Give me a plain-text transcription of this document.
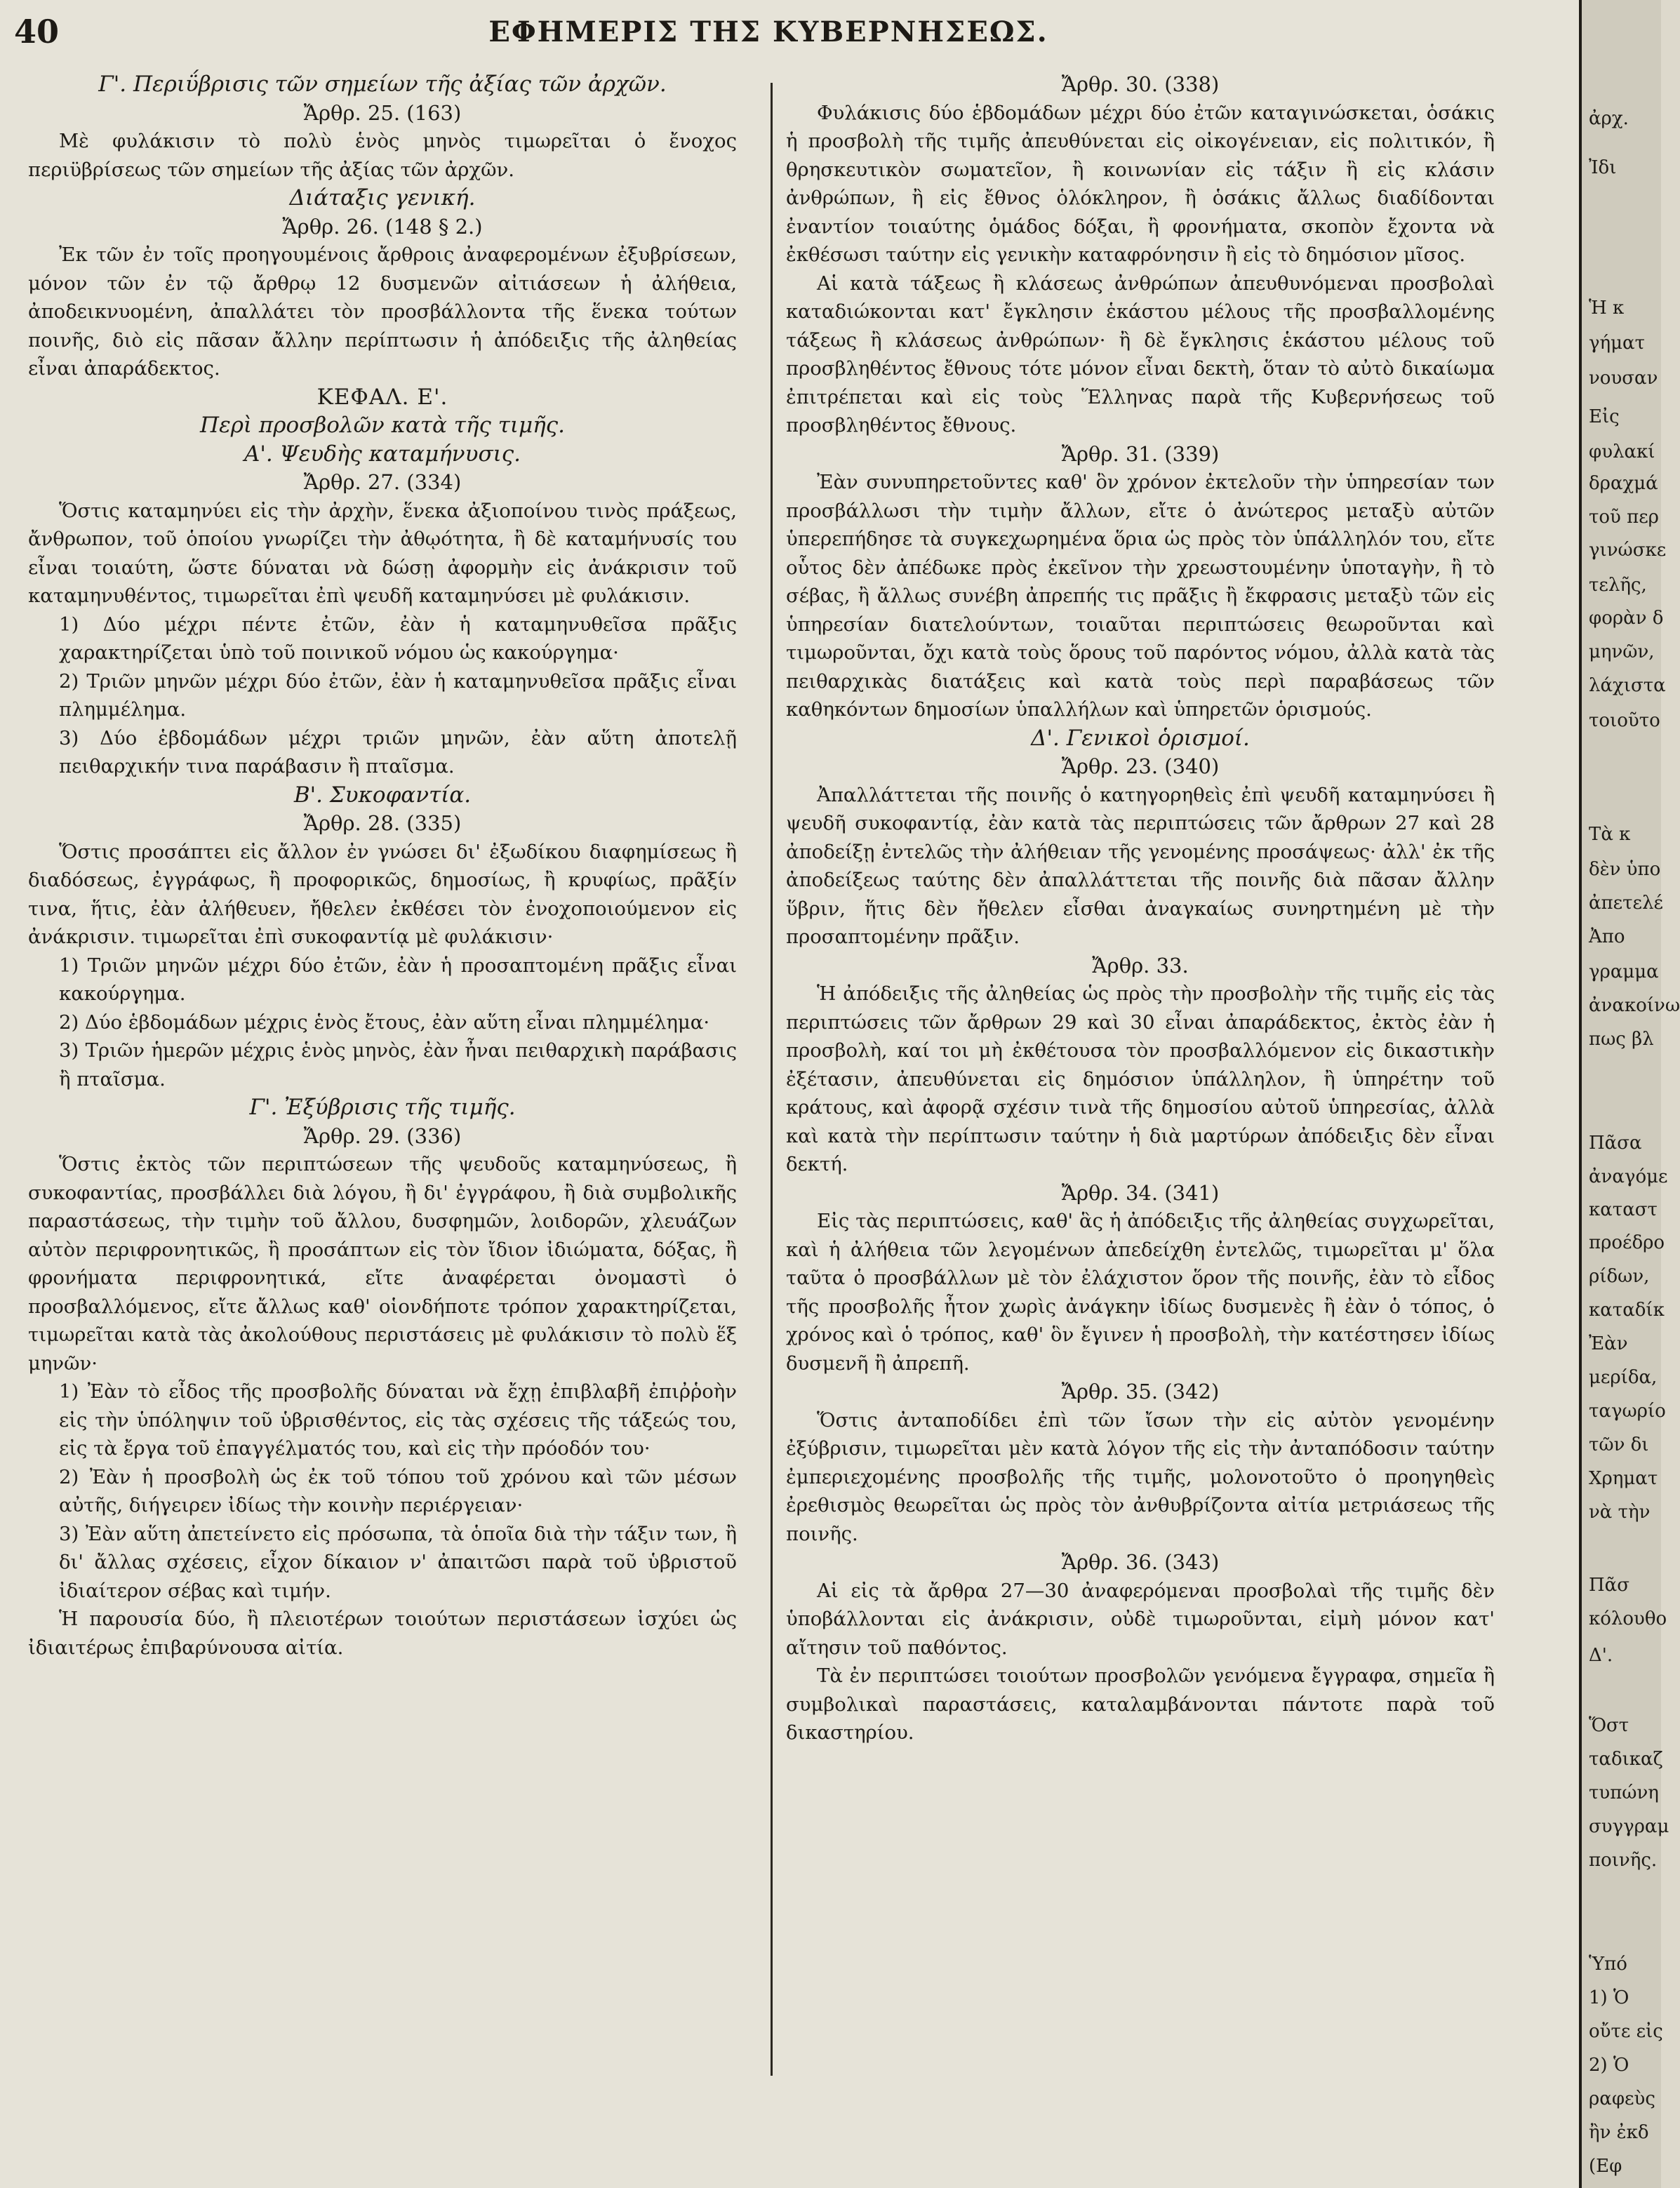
40	ΕΦΗΜΕΡΙΣ ΤΗΣ ΚΥΒΕΡΝΗΣΕΩΣ.

Γ'. Περιΰβρισις τῶν σημείων τῆς ἀξίας τῶν ἀρχῶν.

Ἄρθρ. 25. (163)

Μὲ φυλάκισιν τὸ πολὺ ἑνὸς μηνὸς τιμωρεῖται ὁ ἔνοχος περιϋβρίσεως τῶν σημείων τῆς ἀξίας τῶν ἀρχῶν.

Διάταξις γενική.

Ἄρθρ. 26. (148 § 2.)

Ἐκ τῶν ἐν τοῖς προηγουμένοις ἄρθροις ἀναφερομένων ἐξυβρίσεων, μόνον τῶν ἐν τῷ ἄρθρῳ 12 δυσμενῶν αἰτιάσεων ἡ ἀλήθεια, ἀποδεικνυομένη, ἀπαλλάτει τὸν προσβάλλοντα τῆς ἕνεκα τούτων ποινῆς, διὸ εἰς πᾶσαν ἄλλην περίπτωσιν ἡ ἀπόδειξις τῆς ἀληθείας εἶναι ἀπαράδεκτος.

ΚΕΦΑΛ. Ε'.

Περὶ προσβολῶν κατὰ τῆς τιμῆς.

Α'. Ψευδὴς καταμήνυσις.

Ἄρθρ. 27. (334)

Ὅστις καταμηνύει εἰς τὴν ἀρχὴν, ἕνεκα ἀξιοποίνου τινὸς πράξεως, ἄνθρωπον, τοῦ ὁποίου γνωρίζει τὴν ἀθῳότητα, ἢ δὲ καταμήνυσίς του εἶναι τοιαύτη, ὥστε δύναται νὰ δώσῃ ἀφορμὴν εἰς ἀνάκρισιν τοῦ καταμηνυθέντος, τιμωρεῖται ἐπὶ ψευδῆ καταμηνύσει μὲ φυλάκισιν.

1) Δύο μέχρι πέντε ἐτῶν, ἐὰν ἡ καταμηνυθεῖσα πρᾶξις χαρακτηρίζεται ὑπὸ τοῦ ποινικοῦ νόμου ὡς κακούργημα·

2) Τριῶν μηνῶν μέχρι δύο ἐτῶν, ἐὰν ἡ καταμηνυθεῖσα πρᾶξις εἶναι πλημμέλημα.

3) Δύο ἑβδομάδων μέχρι τριῶν μηνῶν, ἐὰν αὕτη ἀποτελῇ πειθαρχικήν τινα παράβασιν ἢ πταῖσμα.

Β'. Συκοφαντία.

Ἄρθρ. 28. (335)

Ὅστις προσάπτει εἰς ἄλλον ἐν γνώσει δι' ἐξωδίκου διαφημίσεως ἢ διαδόσεως, ἐγγράφως, ἢ προφορικῶς, δημοσίως, ἢ κρυφίως, πρᾶξίν τινα, ἥτις, ἐὰν ἀλήθευεν, ἤθελεν ἐκθέσει τὸν ἐνοχοποιούμενον εἰς ἀνάκρισιν. τιμωρεῖται ἐπὶ συκοφαντίᾳ μὲ φυλάκισιν·

1) Τριῶν μηνῶν μέχρι δύο ἐτῶν, ἐὰν ἡ προσαπτομένη πρᾶξις εἶναι κακούργημα.

2) Δύο ἑβδομάδων μέχρις ἑνὸς ἔτους, ἐὰν αὕτη εἶναι πλημμέλημα·

3) Τριῶν ἡμερῶν μέχρις ἑνὸς μηνὸς, ἐὰν ἦναι πειθαρχικὴ παράβασις ἢ πταῖσμα.

Γ'. Ἐξύβρισις τῆς τιμῆς.

Ἄρθρ. 29. (336)

Ὅστις ἐκτὸς τῶν περιπτώσεων τῆς ψευδοῦς καταμηνύσεως, ἢ συκοφαντίας, προσβάλλει διὰ λόγου, ἢ δι' ἐγγράφου, ἢ διὰ συμβολικῆς παραστάσεως, τὴν τιμὴν τοῦ ἄλλου, δυσφημῶν, λοιδορῶν, χλευάζων αὐτὸν περιφρονητικῶς, ἢ προσάπτων εἰς τὸν ἴδιον ἰδιώματα, δόξας, ἢ φρονήματα περιφρονητικά, εἴτε ἀναφέρεται ὀνομαστὶ ὁ προσβαλλόμενος, εἴτε ἄλλως καθ' οἱονδήποτε τρόπον χαρακτηρίζεται, τιμωρεῖται κατὰ τὰς ἀκολούθους περιστάσεις μὲ φυλάκισιν τὸ πολὺ ἕξ μηνῶν·

1) Ἐὰν τὸ εἶδος τῆς προσβολῆς δύναται νὰ ἔχῃ ἐπιβλαβῆ ἐπιῤῥοὴν εἰς τὴν ὑπόληψιν τοῦ ὑβρισθέντος, εἰς τὰς σχέσεις τῆς τάξεώς του, εἰς τὰ ἔργα τοῦ ἐπαγγέλματός του, καὶ εἰς τὴν πρόοδόν του·

2) Ἐὰν ἡ προσβολὴ ὡς ἐκ τοῦ τόπου τοῦ χρόνου καὶ τῶν μέσων αὐτῆς, διήγειρεν ἰδίως τὴν κοινὴν περιέργειαν·

3) Ἐὰν αὕτη ἀπετείνετο εἰς πρόσωπα, τὰ ὁποῖα διὰ τὴν τάξιν των, ἢ δι' ἄλλας σχέσεις, εἶχον δίκαιον ν' ἀπαιτῶσι παρὰ τοῦ ὑβριστοῦ ἰδιαίτερον σέβας καὶ τιμήν.

Ἡ παρουσία δύο, ἢ πλειοτέρων τοιούτων περιστάσεων ἰσχύει ὡς ἰδιαιτέρως ἐπιβαρύνουσα αἰτία.

Ἄρθρ. 30. (338)

Φυλάκισις δύο ἑβδομάδων μέχρι δύο ἐτῶν καταγινώσκεται, ὁσάκις ἡ προσβολὴ τῆς τιμῆς ἀπευθύνεται εἰς οἰκογένειαν, εἰς πολιτικόν, ἢ θρησκευτικὸν σωματεῖον, ἢ κοινωνίαν εἰς τάξιν ἢ εἰς κλάσιν ἀνθρώπων, ἢ εἰς ἔθνος ὁλόκληρον, ἢ ὁσάκις ἄλλως διαδίδονται ἐναντίον τοιαύτης ὁμάδος δόξαι, ἢ φρονήματα, σκοπὸν ἔχοντα νὰ ἐκθέσωσι ταύτην εἰς γενικὴν καταφρόνησιν ἢ εἰς τὸ δημόσιον μῖσος.

Αἱ κατὰ τάξεως ἢ κλάσεως ἀνθρώπων ἀπευθυνόμεναι προσβολαὶ καταδιώκονται κατ' ἔγκλησιν ἑκάστου μέλους τῆς προσβαλλομένης τάξεως ἢ κλάσεως ἀνθρώπων· ἢ δὲ ἔγκλησις ἑκάστου μέλους τοῦ προσβληθέντος ἔθνους τότε μόνον εἶναι δεκτὴ, ὅταν τὸ αὐτὸ δικαίωμα ἐπιτρέπεται καὶ εἰς τοὺς Ἕλληνας παρὰ τῆς Κυβερνήσεως τοῦ προσβληθέντος ἔθνους.

Ἄρθρ. 31. (339)

Ἐὰν συνυπηρετοῦντες καθ' ὃν χρόνον ἐκτελοῦν τὴν ὑπηρεσίαν των προσβάλλωσι τὴν τιμὴν ἄλλων, εἴτε ὁ ἀνώτερος μεταξὺ αὐτῶν ὑπερεπήδησε τὰ συγκεχωρημένα ὅρια ὡς πρὸς τὸν ὑπάλληλόν του, εἴτε οὗτος δὲν ἀπέδωκε πρὸς ἐκεῖνον τὴν χρεωστουμένην ὑποταγὴν, ἢ τὸ σέβας, ἢ ἄλλως συνέβη ἀπρεπής τις πρᾶξις ἢ ἔκφρασις μεταξὺ τῶν εἰς ὑπηρεσίαν διατελούντων, τοιαῦται περιπτώσεις θεωροῦνται καὶ τιμωροῦνται, ὄχι κατὰ τοὺς ὅρους τοῦ παρόντος νόμου, ἀλλὰ κατὰ τὰς πειθαρχικὰς διατάξεις καὶ κατὰ τοὺς περὶ παραβάσεως τῶν καθηκόντων δημοσίων ὑπαλλήλων καὶ ὑπηρετῶν ὁρισμούς.

Δ'. Γενικοὶ ὁρισμοί.

Ἄρθρ. 23. (340)

Ἀπαλλάττεται τῆς ποινῆς ὁ κατηγορηθεὶς ἐπὶ ψευδῆ καταμηνύσει ἢ ψευδῆ συκοφαντίᾳ, ἐὰν κατὰ τὰς περιπτώσεις τῶν ἄρθρων 27 καὶ 28 ἀποδείξῃ ἐντελῶς τὴν ἀλήθειαν τῆς γενομένης προσάψεως· ἀλλ' ἐκ τῆς ἀποδείξεως ταύτης δὲν ἀπαλλάττεται τῆς ποινῆς διὰ πᾶσαν ἄλλην ὕβριν, ἥτις δὲν ἤθελεν εἶσθαι ἀναγκαίως συνηρτημένη μὲ τὴν προσαπτομένην πρᾶξιν.

Ἄρθρ. 33.

Ἡ ἀπόδειξις τῆς ἀληθείας ὡς πρὸς τὴν προσβολὴν τῆς τιμῆς εἰς τὰς περιπτώσεις τῶν ἄρθρων 29 καὶ 30 εἶναι ἀπαράδεκτος, ἐκτὸς ἐὰν ἡ προσβολὴ, καί τοι μὴ ἐκθέτουσα τὸν προσβαλλόμενον εἰς δικαστικὴν ἐξέτασιν, ἀπευθύνεται εἰς δημόσιον ὑπάλληλον, ἢ ὑπηρέτην τοῦ κράτους, καὶ ἀφορᾷ σχέσιν τινὰ τῆς δημοσίου αὐτοῦ ὑπηρεσίας, ἀλλὰ καὶ κατὰ τὴν περίπτωσιν ταύτην ἡ διὰ μαρτύρων ἀπόδειξις δὲν εἶναι δεκτή.

Ἄρθρ. 34. (341)

Εἰς τὰς περιπτώσεις, καθ' ἃς ἡ ἀπόδειξις τῆς ἀληθείας συγχωρεῖται, καὶ ἡ ἀλήθεια τῶν λεγομένων ἀπεδείχθη ἐντελῶς, τιμωρεῖται μ' ὅλα ταῦτα ὁ προσβάλλων μὲ τὸν ἐλάχιστον ὅρον τῆς ποινῆς, ἐὰν τὸ εἶδος τῆς προσβολῆς ἦτον χωρὶς ἀνάγκην ἰδίως δυσμενὲς ἢ ἐὰν ὁ τόπος, ὁ χρόνος καὶ ὁ τρόπος, καθ' ὃν ἔγινεν ἡ προσβολὴ, τὴν κατέστησεν ἰδίως δυσμενῆ ἢ ἀπρεπῆ.

Ἄρθρ. 35. (342)

Ὅστις ἀνταποδίδει ἐπὶ τῶν ἴσων τὴν εἰς αὐτὸν γενομένην ἐξύβρισιν, τιμωρεῖται μὲν κατὰ λόγον τῆς εἰς τὴν ἀνταπόδοσιν ταύτην ἐμπεριεχομένης προσβολῆς τῆς τιμῆς, μολονοτοῦτο ὁ προηγηθεὶς ἐρεθισμὸς θεωρεῖται ὡς πρὸς τὸν ἀνθυβρίζοντα αἰτία μετριάσεως τῆς ποινῆς.

Ἄρθρ. 36. (343)

Αἱ εἰς τὰ ἄρθρα 27—30 ἀναφερόμεναι προσβολαὶ τῆς τιμῆς δὲν ὑποβάλλονται εἰς ἀνάκρισιν, οὐδὲ τιμωροῦνται, εἰμὴ μόνον κατ' αἴτησιν τοῦ παθόντος.

Τὰ ἐν περιπτώσει τοιούτων προσβολῶν γενόμενα ἔγγραφα, σημεῖα ἢ συμβολικαὶ παραστάσεις, καταλαμβάνονται πάντοτε παρὰ τοῦ δικαστηρίου.

ἀρχ.
Ἰδι
Ἡ κ
γήματ
νουσαν
Εἰς
φυλακί
δραχμά
τοῦ περ
γινώσκε
τελῆς,
φορὰν δ
μηνῶν,
λάχιστα
τοιοῦτο
Τὰ κ
δὲν ὑπο
ἀπετελέ
Ἀπο
γραμμα
ἀνακοίνω
πως βλ
Πᾶσα
ἀναγόμε
καταστ
προέδρο
ρίδων,
καταδίκ
Ἐὰν
μερίδα,
ταγωρίο
τῶν δι
Χρηματ
νὰ τὴν
Πᾶσ
κόλουθο
Δ'.
Ὅστ
ταδικαζ
τυπώνη
συγγραμ
ποινῆς.
Ὑπό
1) Ὁ
οὔτε εἰς
2) Ὁ
ραφεὺς
ἢν ἐκδ
(Εφ
